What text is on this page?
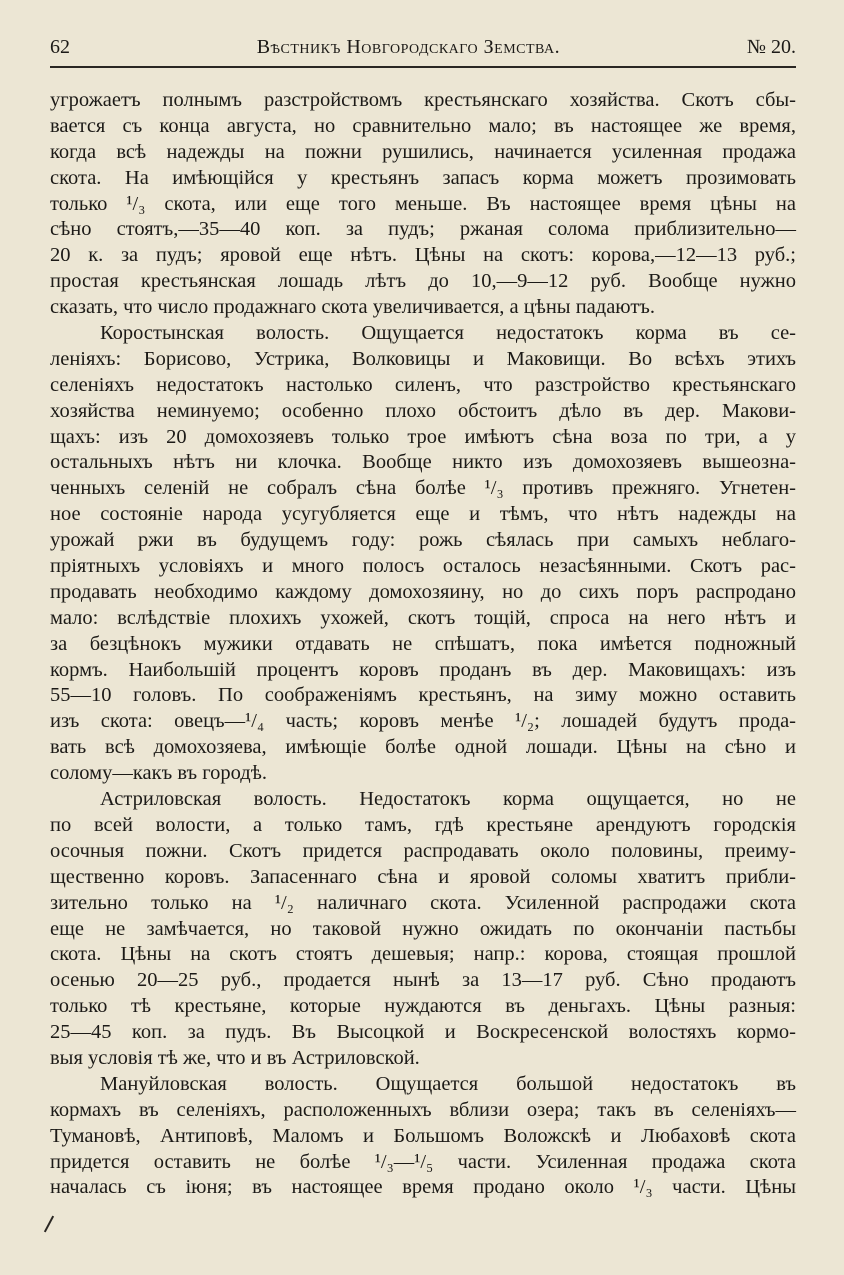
62	Вѣстникъ Новгородскаго Земства.	№ 20.
угрожаетъ полнымъ разстройствомъ крестьянскаго хозяйства. Скотъ сбы-
вается съ конца августа, но сравнительно мало; въ настоящее же время,
когда всѣ надежды на пожни рушились, начинается усиленная продажа
скота. На имѣющійся у крестьянъ запасъ корма можетъ прозимовать
только ¹/₃ скота, или еще того меньше. Въ настоящее время цѣны на
сѣно стоятъ,—35—40 коп. за пудъ; ржаная солома приблизительно—
20 к. за пудъ; яровой еще нѣтъ. Цѣны на скотъ: корова,—12—13 руб.;
простая крестьянская лошадь лѣтъ до 10,—9—12 руб. Вообще нужно
сказать, что число продажнаго скота увеличиваетcя, а цѣны падаютъ.
Коростынская волость. Ощущается недостатокъ корма въ се-
леніяхъ: Борисово, Устрика, Волковицы и Маковищи. Во всѣхъ этихъ
селеніяхъ недостатокъ настолько силенъ, что разстройство крестьянскаго
хозяйства неминуемо; особенно плохо обстоитъ дѣло въ дер. Макови-
щахъ: изъ 20 домохозяевъ только трое имѣютъ сѣна воза по три, а у
остальныхъ нѣтъ ни клочка. Вообще никто изъ домохозяевъ вышеозна-
ченныхъ селеній не собралъ сѣна болѣе ¹/₃ противъ прежняго. Угнетен-
ное состояніе народа усугубляется еще и тѣмъ, что нѣтъ надежды на
урожай ржи въ будущемъ году: рожь сѣялась при самыхъ неблаго-
пріятныхъ условіяхъ и много полосъ осталось незасѣянными. Скотъ рас-
продавать необходимо каждому домохозяину, но до сихъ поръ распродано
мало: вслѣдствіе плохихъ ухожей, скотъ тощій, спроса на него нѣтъ и
за безцѣнокъ мужики отдавать не спѣшатъ, пока имѣется подножный
кормъ. Наибольшій процентъ коровъ проданъ въ дер. Маковищахъ: изъ
55—10 головъ. По соображеніямъ крестьянъ, на зиму можно оставить
изъ скота: овецъ—¹/₄ часть; коровъ менѣе ¹/₂; лошадей будутъ прода-
вать всѣ домохозяева, имѣющіе болѣе одной лошади. Цѣны на сѣно и
солому—какъ въ городѣ.
Астриловская волость. Недостатокъ корма ощущается, но не
по всей волости, а только тамъ, гдѣ крестьяне арендуютъ городскія
осочныя пожни. Скотъ придется распродавать около половины, преиму-
щественно коровъ. Запасеннаго сѣна и яровой соломы хватитъ прибли-
зительно только на ¹/₂ наличнаго скота. Усиленной распродажи скота
еще не замѣчается, но таковой нужно ожидать по окончаніи пастьбы
скота. Цѣны на скотъ стоятъ дешевыя; напр.: корова, стоящая прошлой
осенью 20—25 руб., продается нынѣ за 13—17 руб. Сѣно продаютъ
только тѣ крестьяне, которые нуждаются въ деньгахъ. Цѣны разныя:
25—45 коп. за пудъ. Въ Высоцкой и Воскресенской волостяхъ кормо-
выя условія тѣ же, что и въ Астриловской.
Мануйловская волость. Ощущается большой недостатокъ въ
кормахъ въ селеніяхъ, расположенныхъ вблизи озера; такъ въ селеніяхъ—
Тумановѣ, Антиповѣ, Маломъ и Большомъ Воложскѣ и Любаховѣ скота
придется оставить не болѣе ¹/₃—¹/₅ части. Усиленная продажа скота
началась съ іюня; въ настоящее время продано около ¹/₃ части. Цѣны
